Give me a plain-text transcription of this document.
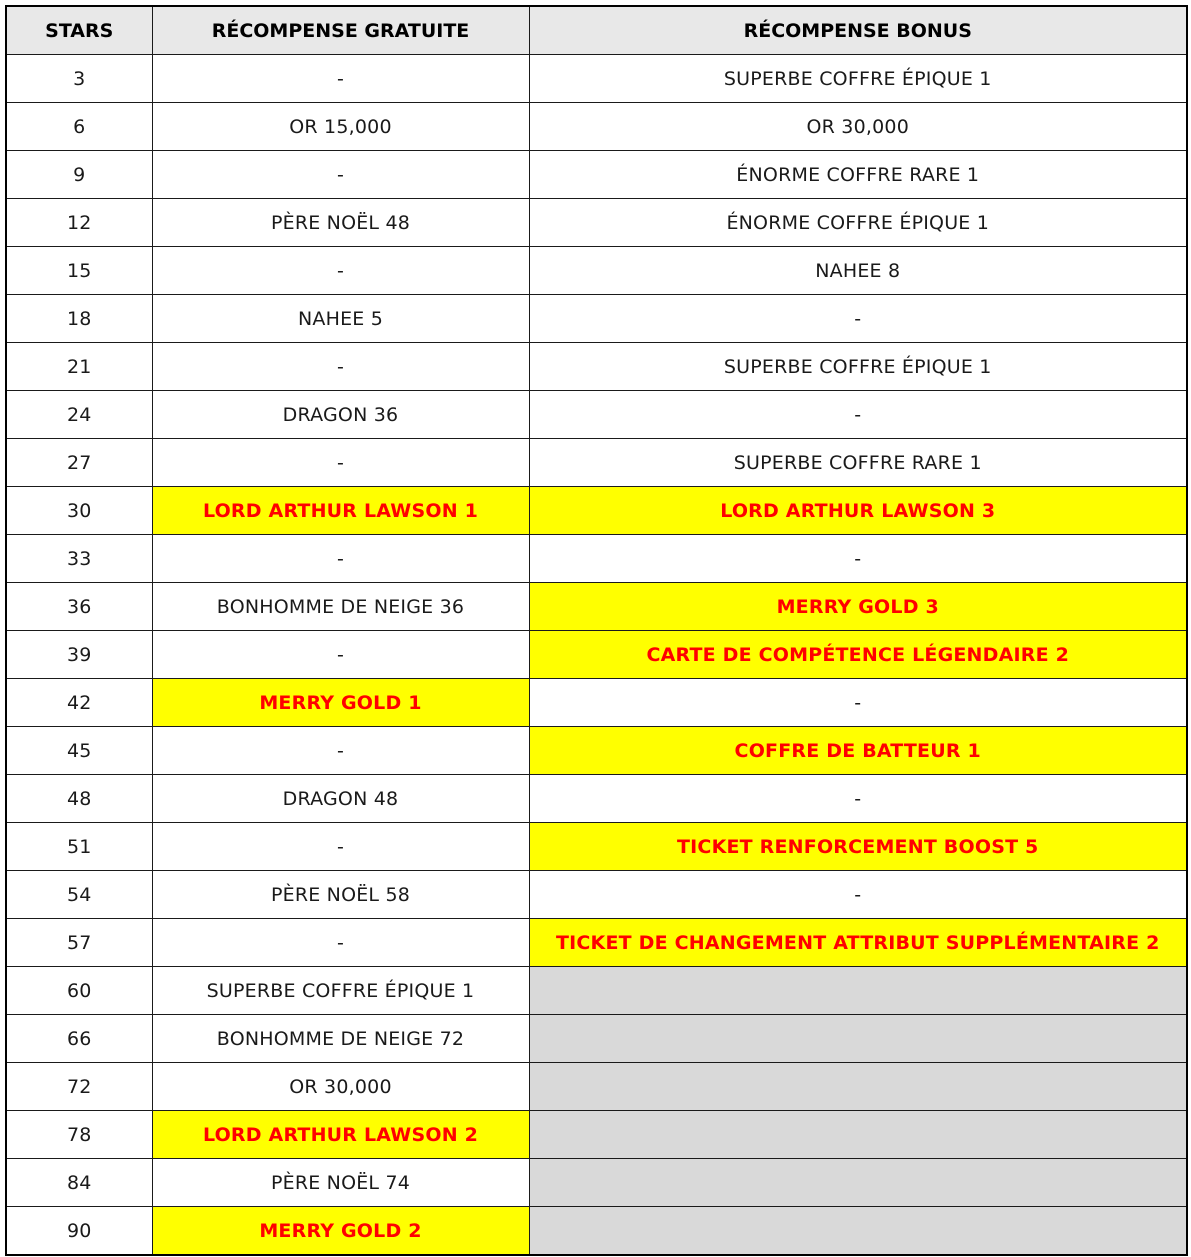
STARS	RÉCOMPENSE GRATUITE	RÉCOMPENSE BONUS
3	-	SUPERBE COFFRE ÉPIQUE 1
6	OR 15,000	OR 30,000
9	-	ÉNORME COFFRE RARE 1
12	PÈRE NOËL 48	ÉNORME COFFRE ÉPIQUE 1
15	-	NAHEE 8
18	NAHEE 5	-
21	-	SUPERBE COFFRE ÉPIQUE 1
24	DRAGON 36	-
27	-	SUPERBE COFFRE RARE 1
30	LORD ARTHUR LAWSON 1	LORD ARTHUR LAWSON 3
33	-	-
36	BONHOMME DE NEIGE 36	MERRY GOLD 3
39	-	CARTE DE COMPÉTENCE LÉGENDAIRE 2
42	MERRY GOLD 1	-
45	-	COFFRE DE BATTEUR 1
48	DRAGON 48	-
51	-	TICKET RENFORCEMENT BOOST 5
54	PÈRE NOËL 58	-
57	-	TICKET DE CHANGEMENT ATTRIBUT SUPPLÉMENTAIRE 2
60	SUPERBE COFFRE ÉPIQUE 1	
66	BONHOMME DE NEIGE 72	
72	OR 30,000	
78	LORD ARTHUR LAWSON 2	
84	PÈRE NOËL 74	
90	MERRY GOLD 2	
